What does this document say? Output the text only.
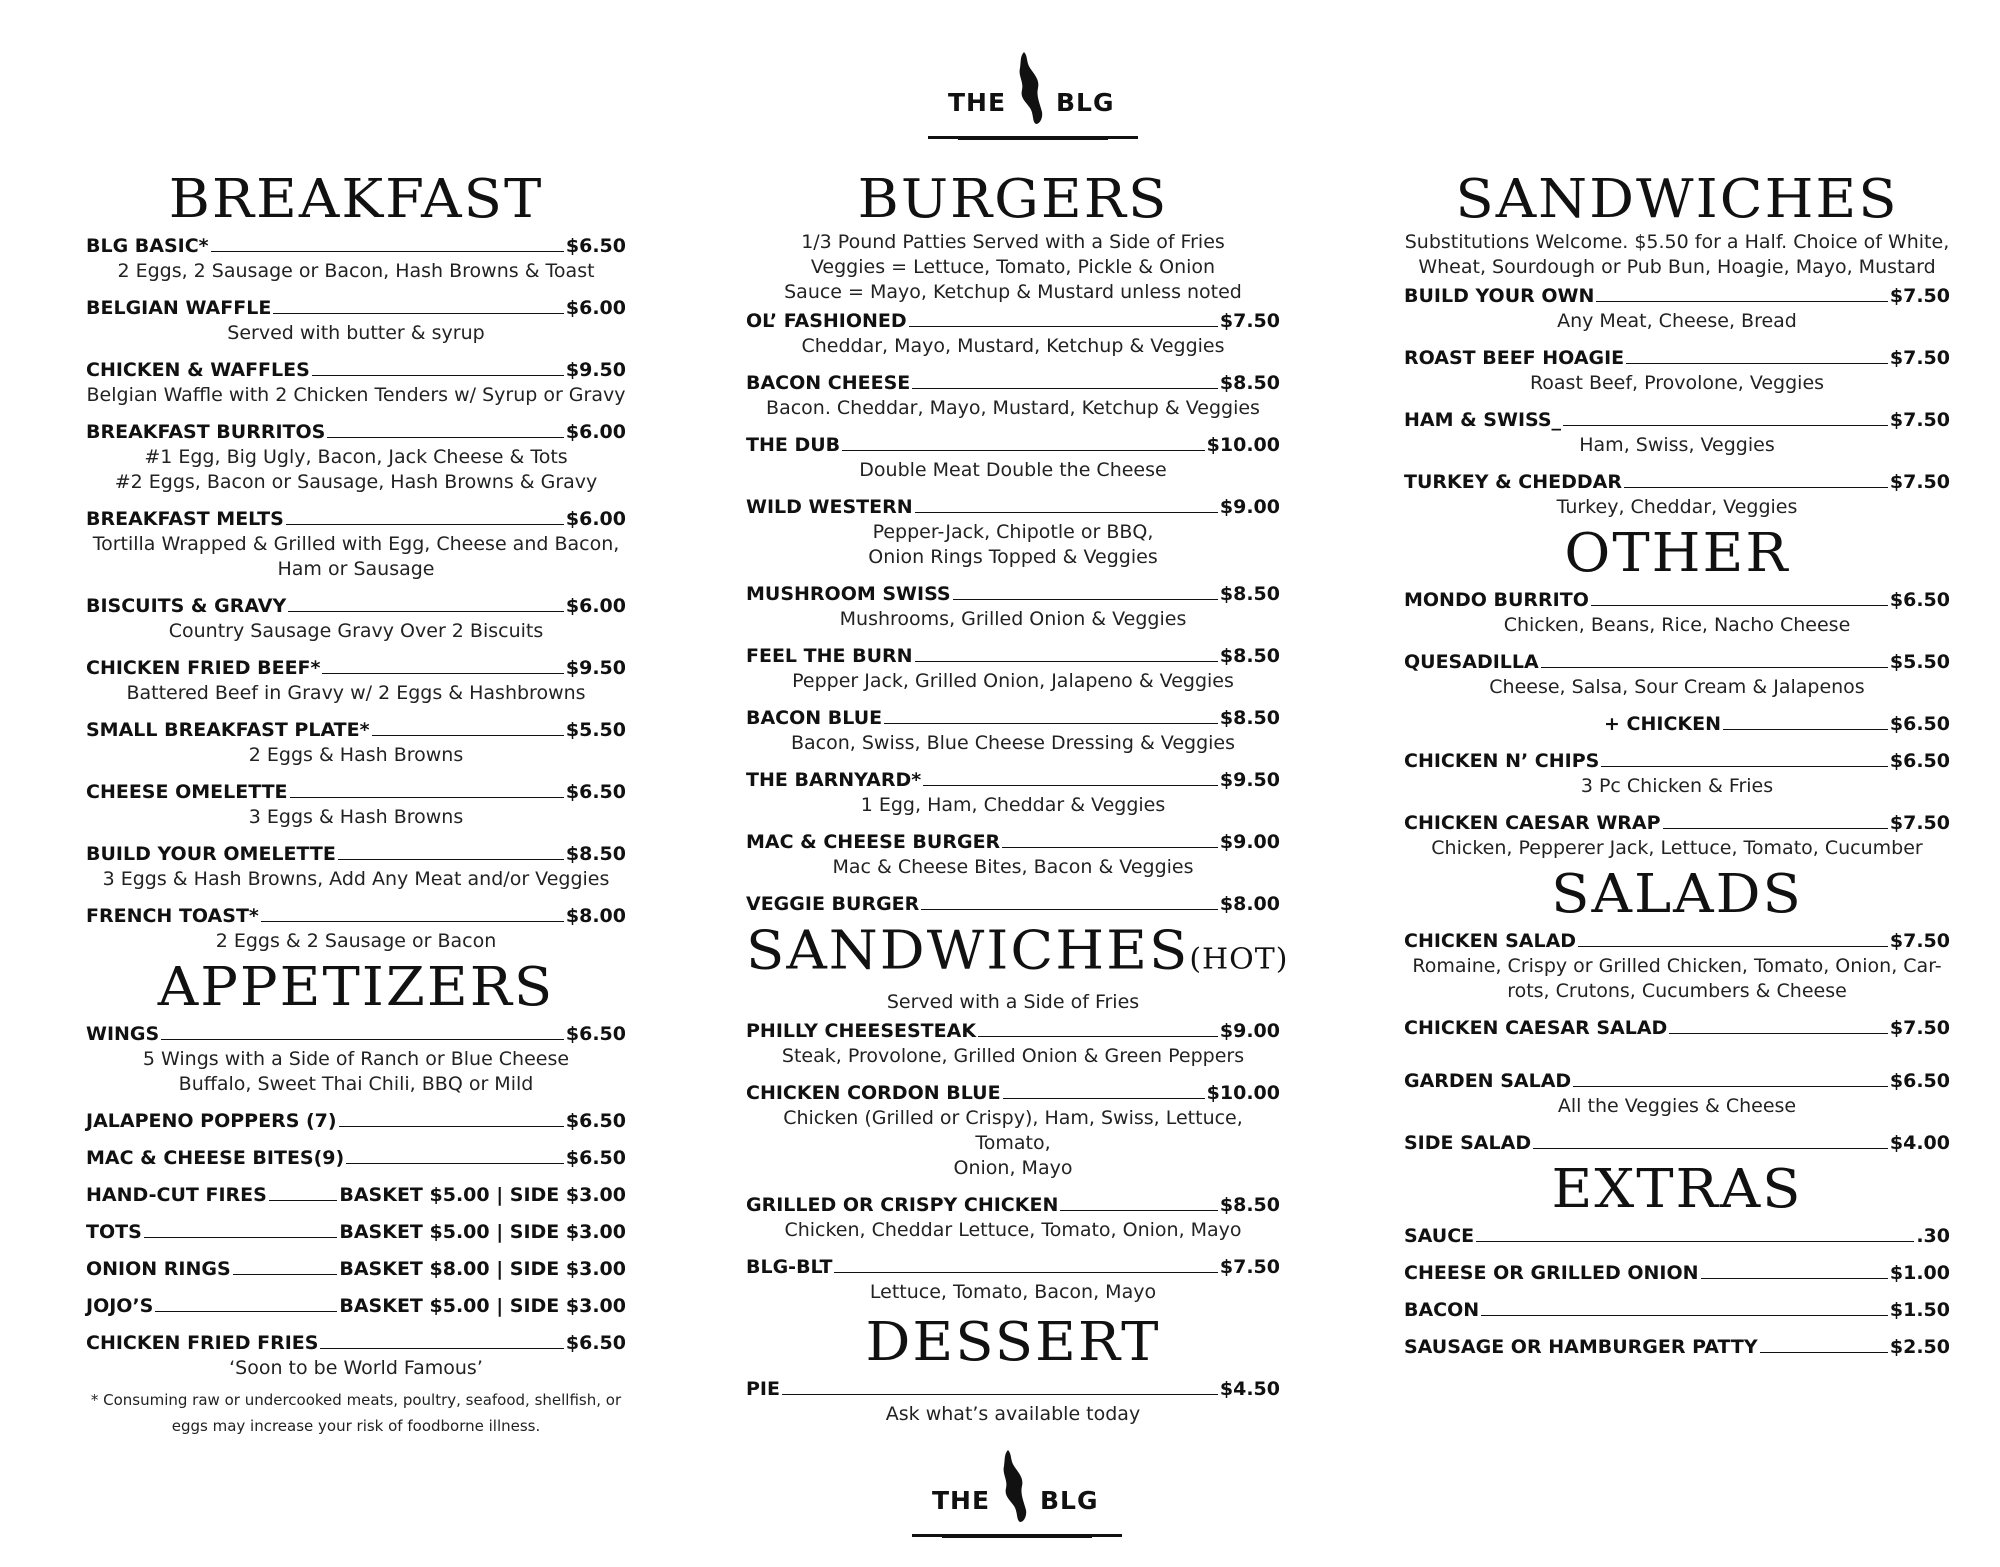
THE BLG
BREAKFAST
BLG BASIC*	$6.50
2 Eggs, 2 Sausage or Bacon, Hash Browns & Toast
BELGIAN WAFFLE	$6.00
Served with butter & syrup
CHICKEN & WAFFLES	$9.50
Belgian Waffle with 2 Chicken Tenders w/ Syrup or Gravy
BREAKFAST BURRITOS	$6.00
#1 Egg, Big Ugly, Bacon, Jack Cheese & Tots
#2 Eggs, Bacon or Sausage, Hash Browns & Gravy
BREAKFAST MELTS	$6.00
Tortilla Wrapped & Grilled with Egg, Cheese and Bacon,
Ham or Sausage
BISCUITS & GRAVY	$6.00
Country Sausage Gravy Over 2 Biscuits
CHICKEN FRIED BEEF*	$9.50
Battered Beef in Gravy w/ 2 Eggs & Hashbrowns
SMALL BREAKFAST PLATE*	$5.50
2 Eggs & Hash Browns
CHEESE OMELETTE	$6.50
3 Eggs & Hash Browns
BUILD YOUR OMELETTE	$8.50
3 Eggs & Hash Browns, Add Any Meat and/or Veggies
FRENCH TOAST*	$8.00
2 Eggs & 2 Sausage or Bacon
APPETIZERS
WINGS	$6.50
5 Wings with a Side of Ranch or Blue Cheese
Buffalo, Sweet Thai Chili, BBQ or Mild
JALAPENO POPPERS (7)	$6.50
MAC & CHEESE BITES(9)	$6.50
HAND-CUT FIRES	BASKET $5.00 | SIDE $3.00
TOTS	BASKET $5.00 | SIDE $3.00
ONION RINGS	BASKET $8.00 | SIDE $3.00
JOJO’S	BASKET $5.00 | SIDE $3.00
CHICKEN FRIED FRIES	$6.50
‘Soon to be World Famous’
* Consuming raw or undercooked meats, poultry, seafood, shellfish, or
eggs may increase your risk of foodborne illness.
BURGERS
1/3 Pound Patties Served with a Side of Fries
Veggies = Lettuce, Tomato, Pickle & Onion
Sauce = Mayo, Ketchup & Mustard unless noted
OL’ FASHIONED	$7.50
Cheddar, Mayo, Mustard, Ketchup & Veggies
BACON CHEESE	$8.50
Bacon. Cheddar, Mayo, Mustard, Ketchup & Veggies
THE DUB	$10.00
Double Meat Double the Cheese
WILD WESTERN	$9.00
Pepper-Jack, Chipotle or BBQ,
Onion Rings Topped & Veggies
MUSHROOM SWISS	$8.50
Mushrooms, Grilled Onion & Veggies
FEEL THE BURN	$8.50
Pepper Jack, Grilled Onion, Jalapeno & Veggies
BACON BLUE	$8.50
Bacon, Swiss, Blue Cheese Dressing & Veggies
THE BARNYARD*	$9.50
1 Egg, Ham, Cheddar & Veggies
MAC & CHEESE BURGER	$9.00
Mac & Cheese Bites, Bacon & Veggies
VEGGIE BURGER	$8.00
SANDWICHES(HOT)
Served with a Side of Fries
PHILLY CHEESESTEAK	$9.00
Steak, Provolone, Grilled Onion & Green Peppers
CHICKEN CORDON BLUE	$10.00
Chicken (Grilled or Crispy), Ham, Swiss, Lettuce, Tomato,
Onion, Mayo
GRILLED OR CRISPY CHICKEN	$8.50
Chicken, Cheddar Lettuce, Tomato, Onion, Mayo
BLG-BLT	$7.50
Lettuce, Tomato, Bacon, Mayo
DESSERT
PIE	$4.50
Ask what’s available today
SANDWICHES
Substitutions Welcome. $5.50 for a Half. Choice of White,
Wheat, Sourdough or Pub Bun, Hoagie, Mayo, Mustard
BUILD YOUR OWN	$7.50
Any Meat, Cheese, Bread
ROAST BEEF HOAGIE	$7.50
Roast Beef, Provolone, Veggies
HAM & SWISS_	$7.50
Ham, Swiss, Veggies
TURKEY & CHEDDAR	$7.50
Turkey, Cheddar, Veggies
OTHER
MONDO BURRITO	$6.50
Chicken, Beans, Rice, Nacho Cheese
QUESADILLA	$5.50
Cheese, Salsa, Sour Cream & Jalapenos
+ CHICKEN	$6.50
CHICKEN N’ CHIPS	$6.50
3 Pc Chicken & Fries
CHICKEN CAESAR WRAP	$7.50
Chicken, Pepperer Jack, Lettuce, Tomato, Cucumber
SALADS
CHICKEN SALAD	$7.50
Romaine, Crispy or Grilled Chicken, Tomato, Onion, Car-
rots, Crutons, Cucumbers & Cheese
CHICKEN CAESAR SALAD	$7.50
GARDEN SALAD	$6.50
All the Veggies & Cheese
SIDE SALAD	$4.00
EXTRAS
SAUCE	.30
CHEESE OR GRILLED ONION	$1.00
BACON	$1.50
SAUSAGE OR HAMBURGER PATTY	$2.50
THE BLG
